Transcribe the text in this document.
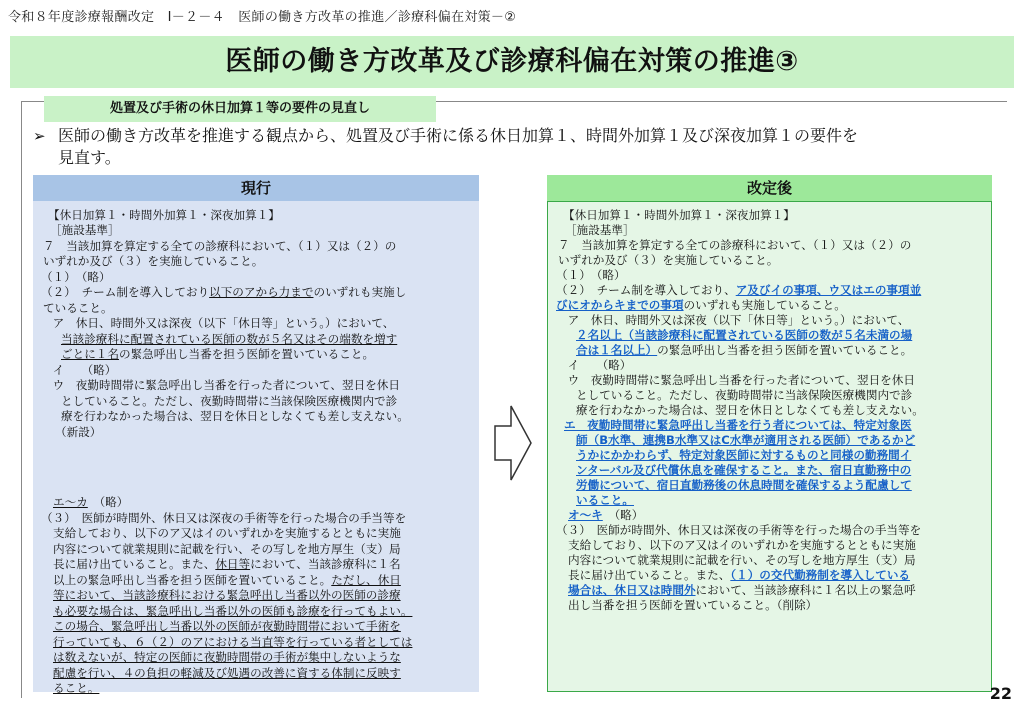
令和８年度診療報酬改定　Ⅰ－２－４　医師の働き方改革の推進／診療科偏在対策－②
医師の働き方改革及び診療科偏在対策の推進③
処置及び手術の休日加算１等の要件の見直し
➢ 医師の働き方改革を推進する観点から、処置及び手術に係る休日加算１、時間外加算１及び深夜加算１の要件を
見直す。
現行	改定後
【休日加算１・時間外加算１・深夜加算１】
［施設基準］
７　当該加算を算定する全ての診療科において、（１）又は（２）の
いずれか及び（３）を実施していること。
（１）　（略）
（２）　チーム制を導入しており以下のアから力までのいずれも実施し
ていること。
　ア　休日、時間外又は深夜（以下「休日等」という。）において、
当該診療科に配置されている医師の数が５名又はその端数を増す
ごとに１名の緊急呼出し当番を担う医師を置いていること。
　イ　　（略）
　ウ　夜勤時間帯に緊急呼出し当番を行った者について、翌日を休日
としていること。ただし、夜勤時間帯に当該保険医療機関内で診
療を行わなかった場合は、翌日を休日としなくても差し支えない。
（新設）
エ～カ　（略）
（３）　医師が時間外、休日又は深夜の手術等を行った場合の手当等を
支給しており、以下のア又はイのいずれかを実施するとともに実施
内容について就業規則に記載を行い、その写しを地方厚生（支）局
長に届け出ていること。また、休日等において、当該診療科に１名
以上の緊急呼出し当番を担う医師を置いていること。ただし、休日
等において、当該診療科における緊急呼出し当番以外の医師の診療
も必要な場合は、緊急呼出し当番以外の医師も診療を行ってもよい。
この場合、緊急呼出し当番以外の医師が夜勤時間帯において手術を
行っていても、６（２）のアにおける当直等を行っている者としては
は数えないが、特定の医師に夜勤時間帯の手術が集中しないような
配慮を行い、４の負担の軽減及び処遇の改善に資する体制に反映す
ること。
【休日加算１・時間外加算１・深夜加算１】
［施設基準］
７　当該加算を算定する全ての診療科において、（１）又は（２）の
いずれか及び（３）を実施していること。
（１）　（略）
（２）　チーム制を導入しており、ア及びイの事項、ウ又はエの事項並
びにオからキまでの事項のいずれも実施していること。
　ア　休日、時間外又は深夜（以下「休日等」という。）において、
２名以上（当該診療科に配置されている医師の数が５名未満の場
合は１名以上）の緊急呼出し当番を担う医師を置いていること。
　イ　　（略）
　ウ　夜勤時間帯に緊急呼出し当番を行った者について、翌日を休日
としていること。ただし、夜勤時間帯に当該保険医療機関内で診
療を行わなかった場合は、翌日を休日としなくても差し支えない。
エ　夜勤時間帯に緊急呼出し当番を行う者については、特定対象医
師（B水準、連携B水準又はC水準が適用される医師）であるかど
うかにかかわらず、特定対象医師に対するものと同様の勤務間イ
ンターバル及び代償休息を確保すること。また、宿日直勤務中の
労働について、宿日直勤務後の休息時間を確保するよう配慮して
いること。
オ～キ　（略）
（３）　医師が時間外、休日又は深夜の手術等を行った場合の手当等を
支給しており、以下のア又はイのいずれかを実施するとともに実施
内容について就業規則に記載を行い、その写しを地方厚生（支）局
長に届け出ていること。また、（１）の交代勤務制を導入している
場合は、休日又は時間外において、当該診療科に１名以上の緊急呼
出し当番を担う医師を置いていること。（削除）
22
